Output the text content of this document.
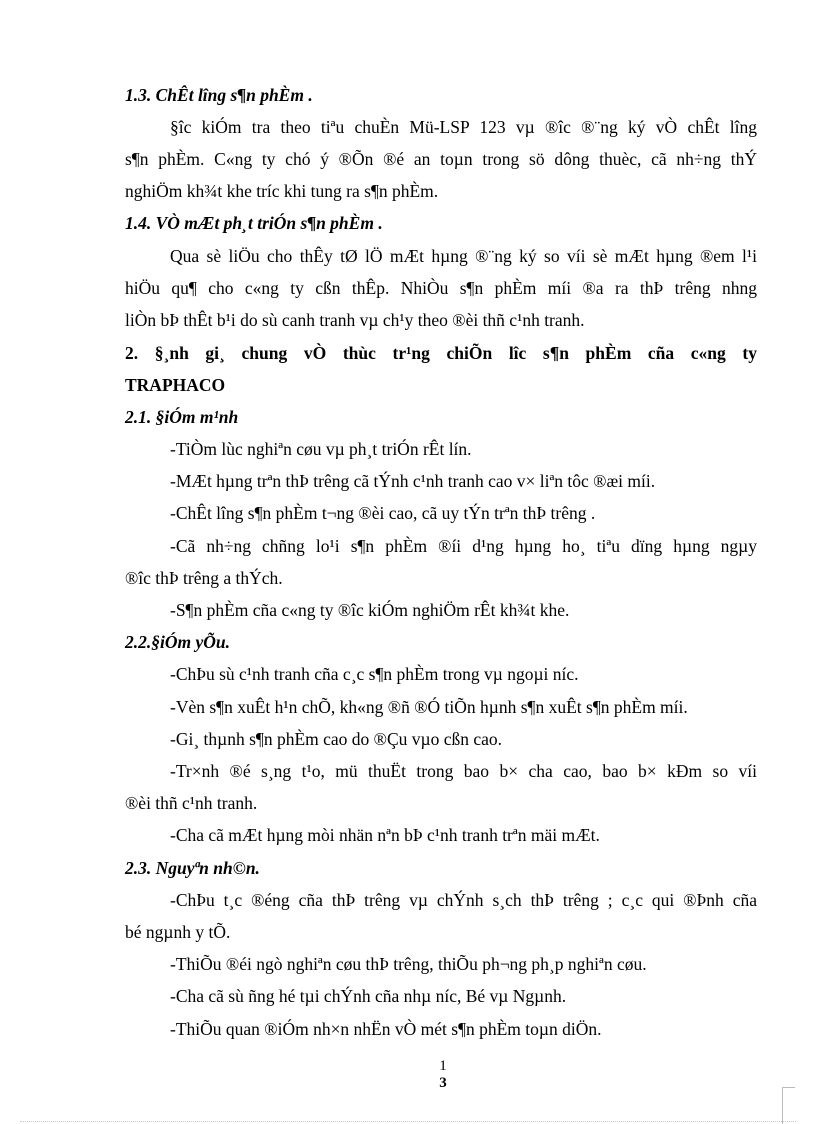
1.3. ChÊt lîng s¶n phÈm .
§îc kiÓm tra theo tiªu chuÈn Mü-LSP 123 vµ ®îc ®¨ng ký vÒ chÊt lîng
s¶n phÈm. C«ng ty chó ý ®Õn ®é an toµn trong sö dông thuèc, cã nh÷ng thÝ
nghiÖm kh¾t khe tríc khi tung ra s¶n phÈm.
1.4. VÒ mÆt ph¸t triÓn s¶n phÈm .
Qua sè liÖu cho thÊy tØ lÖ mÆt hµng ®¨ng ký so víi sè mÆt hµng ®em l¹i
hiÖu qu¶ cho c«ng ty cßn thÊp. NhiÒu s¶n phÈm míi ®a ra thÞ trêng nhng
liÒn bÞ thÊt b¹i do sù canh tranh vµ ch¹y theo ®èi thñ c¹nh tranh.
2. §¸nh gi¸ chung vÒ thùc tr¹ng chiÕn lîc s¶n phÈm cña c«ng ty
TRAPHACO
2.1. §iÓm m¹nh
-TiÒm lùc nghiªn cøu vµ ph¸t triÓn rÊt lín.
-MÆt hµng trªn thÞ trêng cã tÝnh c¹nh tranh cao v× liªn tôc ®æi míi.
-ChÊt lîng s¶n phÈm t¬ng ®èi cao, cã uy tÝn trªn thÞ trêng .
-Cã nh÷ng chñng lo¹i s¶n phÈm ®íi d¹ng hµng ho¸ tiªu dïng hµng ngµy
®îc thÞ trêng a thÝch.
-S¶n phÈm cña c«ng ty ®îc kiÓm nghiÖm rÊt kh¾t khe.
2.2.§iÓm yÕu.
-ChÞu sù c¹nh tranh cña c¸c s¶n phÈm trong vµ ngoµi níc.
-Vèn s¶n xuÊt h¹n chÕ, kh«ng ®ñ ®Ó tiÕn hµnh s¶n xuÊt s¶n phÈm míi.
-Gi¸ thµnh s¶n phÈm cao do ®Çu vµo cßn cao.
-Tr×nh ®é s¸ng t¹o, mü thuËt trong bao b× cha cao, bao b× kÐm so víi
®èi thñ c¹nh tranh.
-Cha cã mÆt hµng mòi nhän nªn bÞ c¹nh tranh trªn mäi mÆt.
2.3. Nguyªn nh©n.
-ChÞu t¸c ®éng cña thÞ trêng vµ chÝnh s¸ch thÞ trêng ; c¸c qui ®Þnh cña
bé ngµnh y tÕ.
-ThiÕu ®éi ngò nghiªn cøu thÞ trêng, thiÕu ph¬ng ph¸p nghiªn cøu.
-Cha cã sù ñng hé tµi chÝnh cña nhµ níc, Bé vµ Ngµnh.
-ThiÕu quan ®iÓm nh×n nhËn vÒ mét s¶n phÈm toµn diÖn.
1
3
